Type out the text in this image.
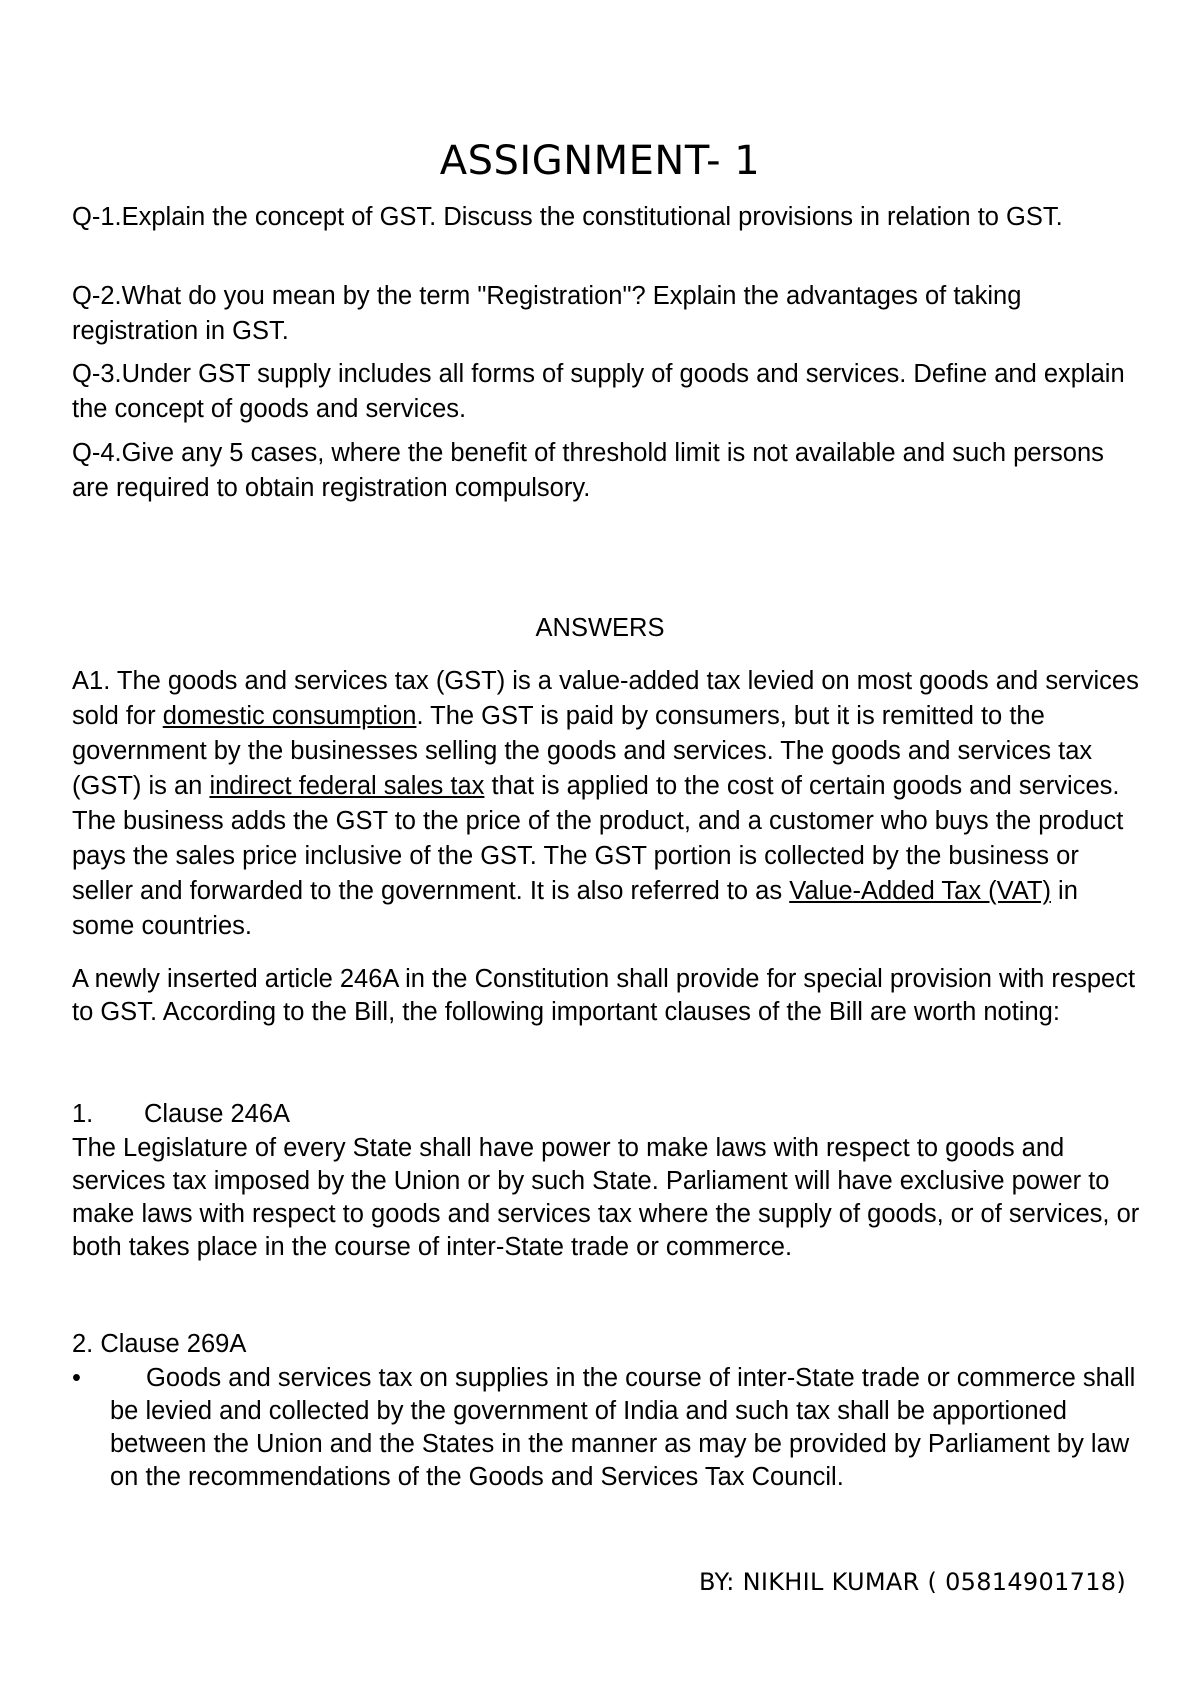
ASSIGNMENT- 1
Q-1.Explain the concept of GST. Discuss the constitutional provisions in relation to GST.
Q-2.What do you mean by the term "Registration"? Explain the advantages of taking registration in GST.
Q-3.Under GST supply includes all forms of supply of goods and services. Define and explain the concept of goods and services.
Q-4.Give any 5 cases, where the benefit of threshold limit is not available and such persons are required to obtain registration compulsory.
ANSWERS
A1. The goods and services tax (GST) is a value-added tax levied on most goods and services sold for domestic consumption. The GST is paid by consumers, but it is remitted to the government by the businesses selling the goods and services. The goods and services tax (GST) is an indirect federal sales tax that is applied to the cost of certain goods and services. The business adds the GST to the price of the product, and a customer who buys the product pays the sales price inclusive of the GST. The GST portion is collected by the business or seller and forwarded to the government. It is also referred to as Value-Added Tax (VAT) in some countries.
A newly inserted article 246A in the Constitution shall provide for special provision with respect to GST. According to the Bill, the following important clauses of the Bill are worth noting:
1. Clause 246A
The Legislature of every State shall have power to make laws with respect to goods and services tax imposed by the Union or by such State. Parliament will have exclusive power to make laws with respect to goods and services tax where the supply of goods, or of services, or both takes place in the course of inter-State trade or commerce.
2. Clause 269A
•	Goods and services tax on supplies in the course of inter-State trade or commerce shall be levied and collected by the government of India and such tax shall be apportioned between the Union and the States in the manner as may be provided by Parliament by law on the recommendations of the Goods and Services Tax Council.
BY: NIKHIL KUMAR ( 05814901718)
